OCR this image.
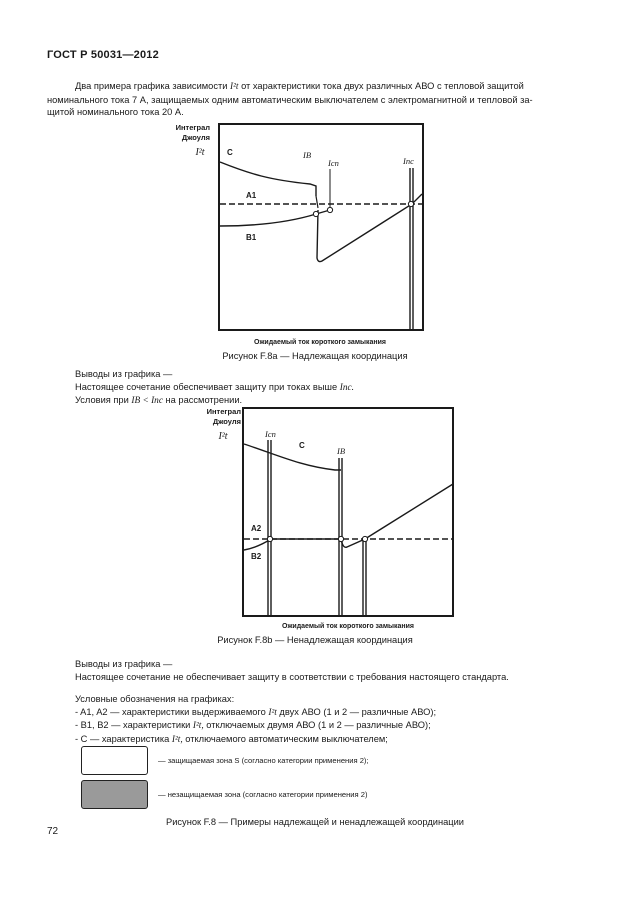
ГОСТ Р 50031—2012
Два примера графика зависимости I²t от характеристики тока двух различных АВО с тепловой защитой
номинального тока 7 А, защищаемых одним автоматическим выключателем с электромагнитной и тепловой за-
щитой номинального тока 20 А.
Интеграл
Джоуля
I²t	C	IB
Icn	Inc
A1
B1
Ожидаемый ток короткого замыкания
Рисунок F.8a — Надлежащая координация
Выводы из графика —
Настоящее сочетание обеспечивает защиту при токах выше Inc.
Условия при IB < Inc на рассмотрении.
Интеграл
Джоуля
I²t	Icn
C
IB
A2
B2
Ожидаемый ток короткого замыкания
Рисунок F.8b — Ненадлежащая координация
Выводы из графика —
Настоящее сочетание не обеспечивает защиту в соответствии с требования настоящего стандарта.
Условные обозначения на графиках:
- A1, A2 — характеристики выдерживаемого I²t двух АВО (1 и 2 — различные АВО);
- B1, B2 — характеристики I²t, отключаемых двумя АВО (1 и 2 — различные АВО);
- C — характеристика I²t, отключаемого автоматическим выключателем;
— защищаемая зона S (согласно категории применения 2);
— незащищаемая зона (согласно категории применения 2)
Рисунок F.8 — Примеры надлежащей и ненадлежащей координации
72
